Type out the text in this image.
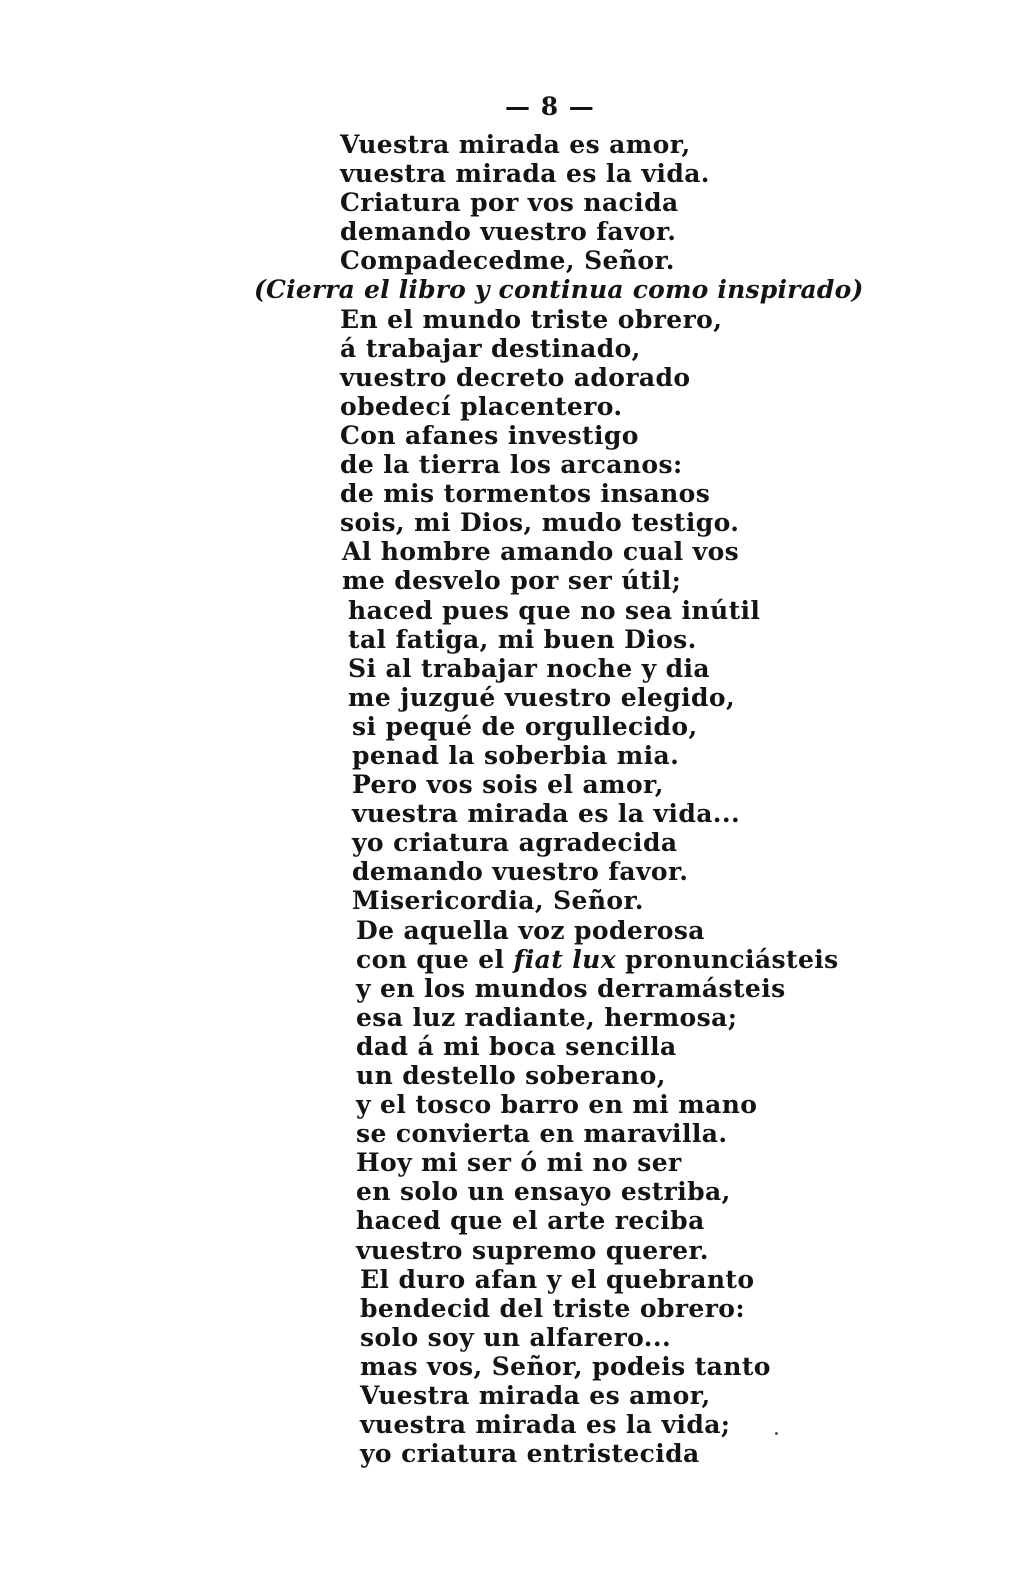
— 8 —
Vuestra mirada es amor,
vuestra mirada es la vida.
Criatura por vos nacida
demando vuestro favor.
Compadecedme, Señor.
(Cierra el libro y continua como inspirado)
En el mundo triste obrero,
á trabajar destinado,
vuestro decreto adorado
obedecí placentero.
Con afanes investigo
de la tierra los arcanos:
de mis tormentos insanos
sois, mi Dios, mudo testigo.
Al hombre amando cual vos
me desvelo por ser útil;
haced pues que no sea inútil
tal fatiga, mi buen Dios.
Si al trabajar noche y dia
me juzgué vuestro elegido,
si pequé de orgullecido,
penad la soberbia mia.
Pero vos sois el amor,
vuestra mirada es la vida...
yo criatura agradecida
demando vuestro favor.
Misericordia, Señor.
De aquella voz poderosa
con que el fiat lux pronunciásteis
y en los mundos derramásteis
esa luz radiante, hermosa;
dad á mi boca sencilla
un destello soberano,
y el tosco barro en mi mano
se convierta en maravilla.
Hoy mi ser ó mi no ser
en solo un ensayo estriba,
haced que el arte reciba
vuestro supremo querer.
El duro afan y el quebranto
bendecid del triste obrero:
solo soy un alfarero...
mas vos, Señor, podeis tanto
Vuestra mirada es amor,
vuestra mirada es la vida;
yo criatura entristecida
